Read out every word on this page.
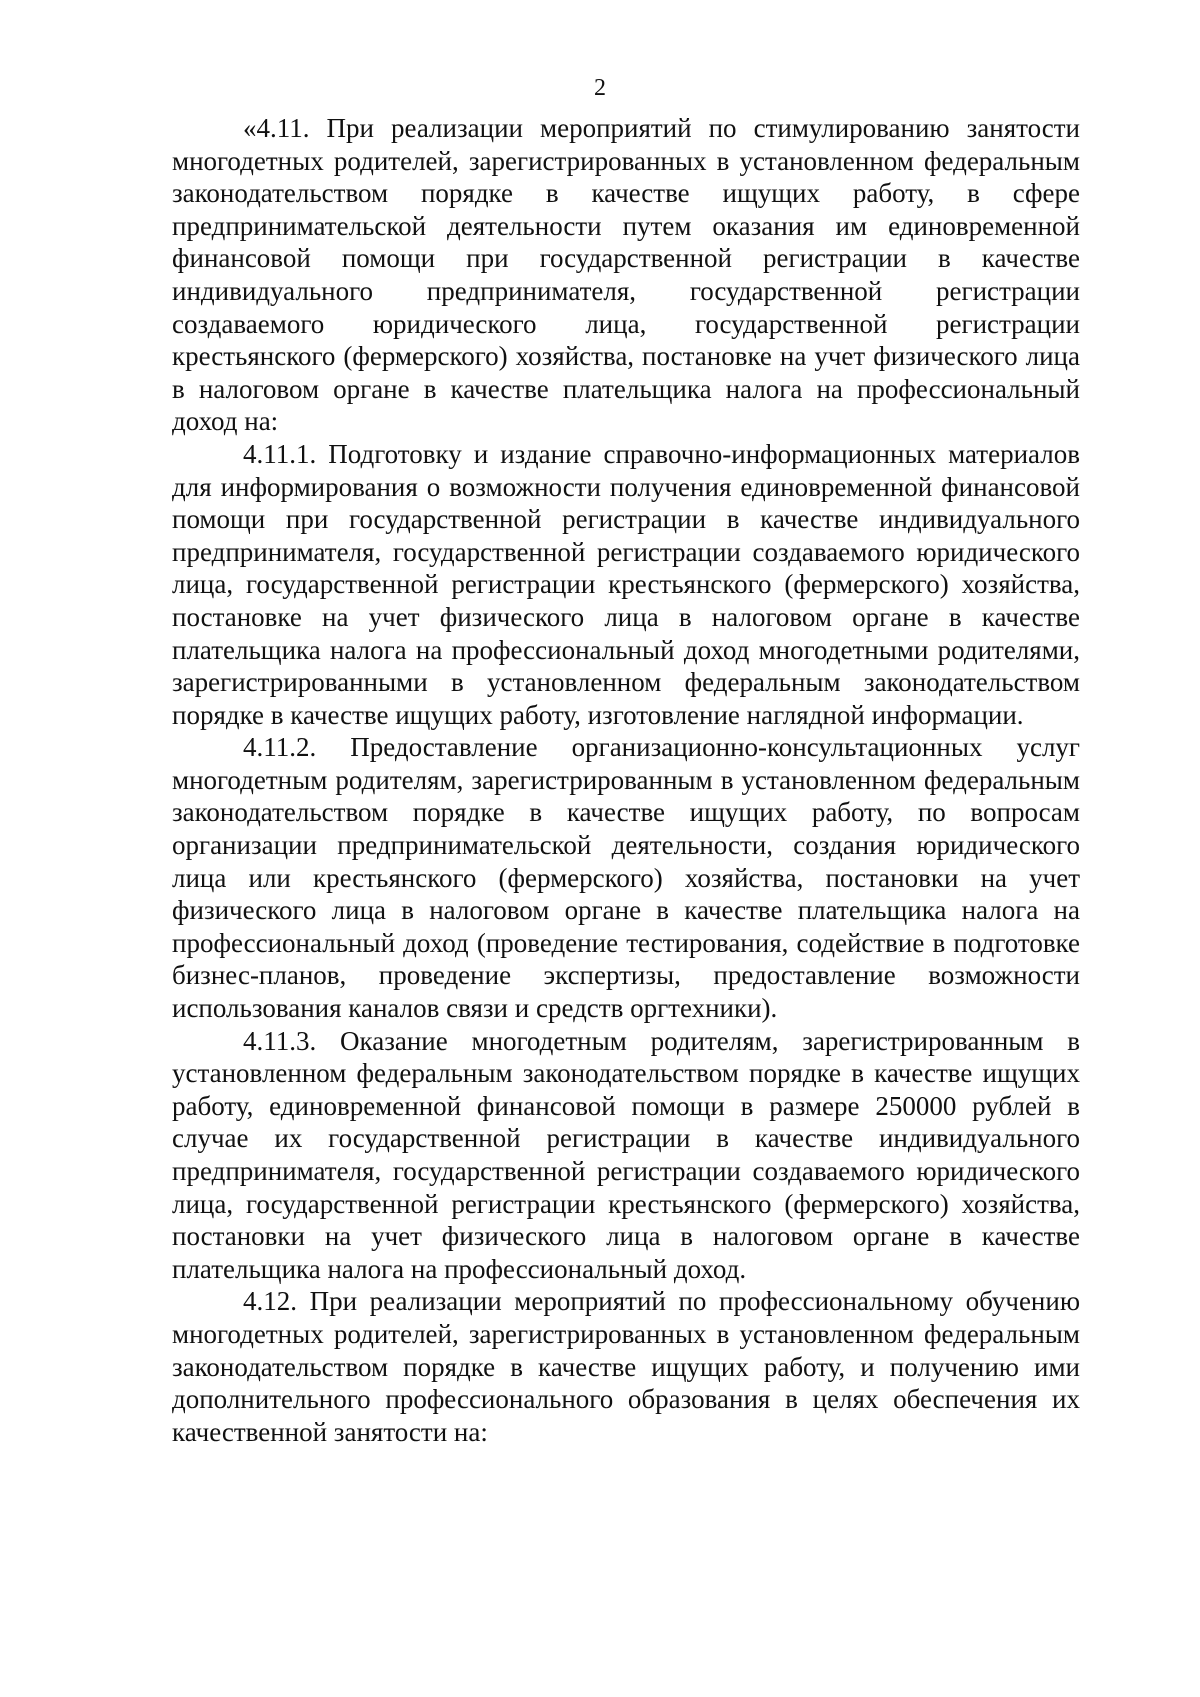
2

«4.11. При реализации мероприятий по стимулированию занятости многодетных родителей, зарегистрированных в установленном федеральным законодательством порядке в качестве ищущих работу, в сфере предпринимательской деятельности путем оказания им единовременной финансовой помощи при государственной регистрации в качестве индивидуального предпринимателя, государственной регистрации создаваемого юридического лица, государственной регистрации крестьянского (фермерского) хозяйства, постановке на учет физического лица в налоговом органе в качестве плательщика налога на профессиональный доход на:

4.11.1. Подготовку и издание справочно-информационных материалов для информирования о возможности получения единовременной финансовой помощи при государственной регистрации в качестве индивидуального предпринимателя, государственной регистрации создаваемого юридического лица, государственной регистрации крестьянского (фермерского) хозяйства, постановке на учет физического лица в налоговом органе в качестве плательщика налога на профессиональный доход многодетными родителями, зарегистрированными в установленном федеральным законодательством порядке в качестве ищущих работу, изготовление наглядной информации.

4.11.2. Предоставление организационно-консультационных услуг многодетным родителям, зарегистрированным в установленном федеральным законодательством порядке в качестве ищущих работу, по вопросам организации предпринимательской деятельности, создания юридического лица или крестьянского (фермерского) хозяйства, постановки на учет физического лица в налоговом органе в качестве плательщика налога на профессиональный доход (проведение тестирования, содействие в подготовке бизнес-планов, проведение экспертизы, предоставление возможности использования каналов связи и средств оргтехники).

4.11.3. Оказание многодетным родителям, зарегистрированным в установленном федеральным законодательством порядке в качестве ищущих работу, единовременной финансовой помощи в размере 250000 рублей в случае их государственной регистрации в качестве индивидуального предпринимателя, государственной регистрации создаваемого юридического лица, государственной регистрации крестьянского (фермерского) хозяйства, постановки на учет физического лица в налоговом органе в качестве плательщика налога на профессиональный доход.

4.12. При реализации мероприятий по профессиональному обучению многодетных родителей, зарегистрированных в установленном федеральным законодательством порядке в качестве ищущих работу, и получению ими дополнительного профессионального образования в целях обеспечения их качественной занятости на:
